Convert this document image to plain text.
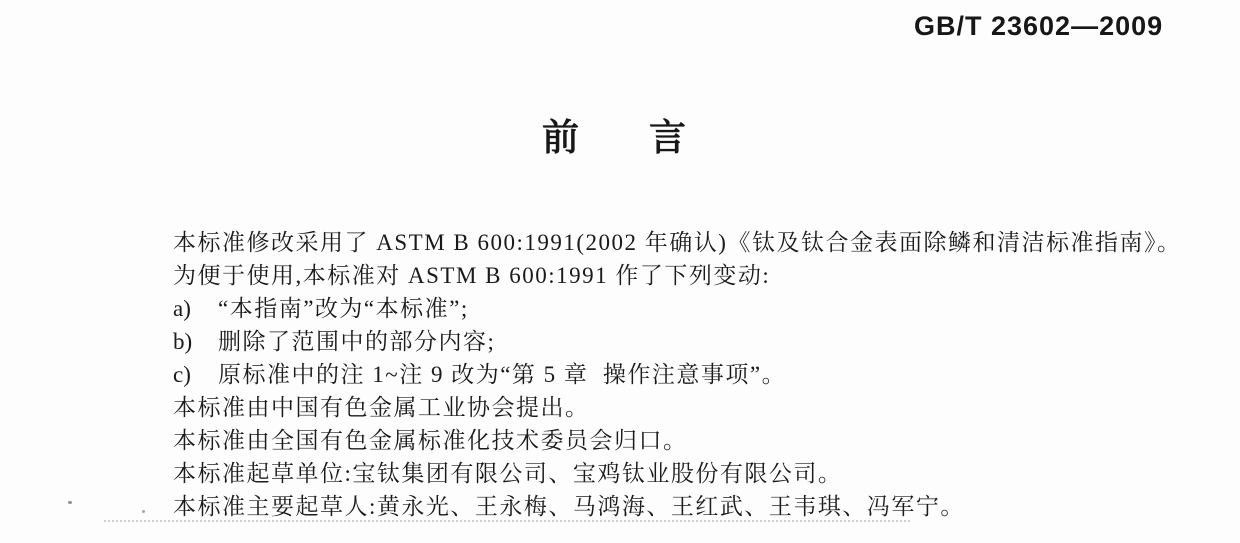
GB/T 23602—2009
前 言
本标准修改采用了 ASTM B 600:1991(2002 年确认)《钛及钛合金表面除鳞和清洁标准指南》。
为便于使用,本标准对 ASTM B 600:1991 作了下列变动:
a) “本指南”改为“本标准”;
b) 删除了范围中的部分内容;
c) 原标准中的注 1~注 9 改为“第 5 章  操作注意事项”。
本标准由中国有色金属工业协会提出。
本标准由全国有色金属标准化技术委员会归口。
本标准起草单位:宝钛集团有限公司、宝鸡钛业股份有限公司。
本标准主要起草人:黄永光、王永梅、马鸿海、王红武、王韦琪、冯军宁。
